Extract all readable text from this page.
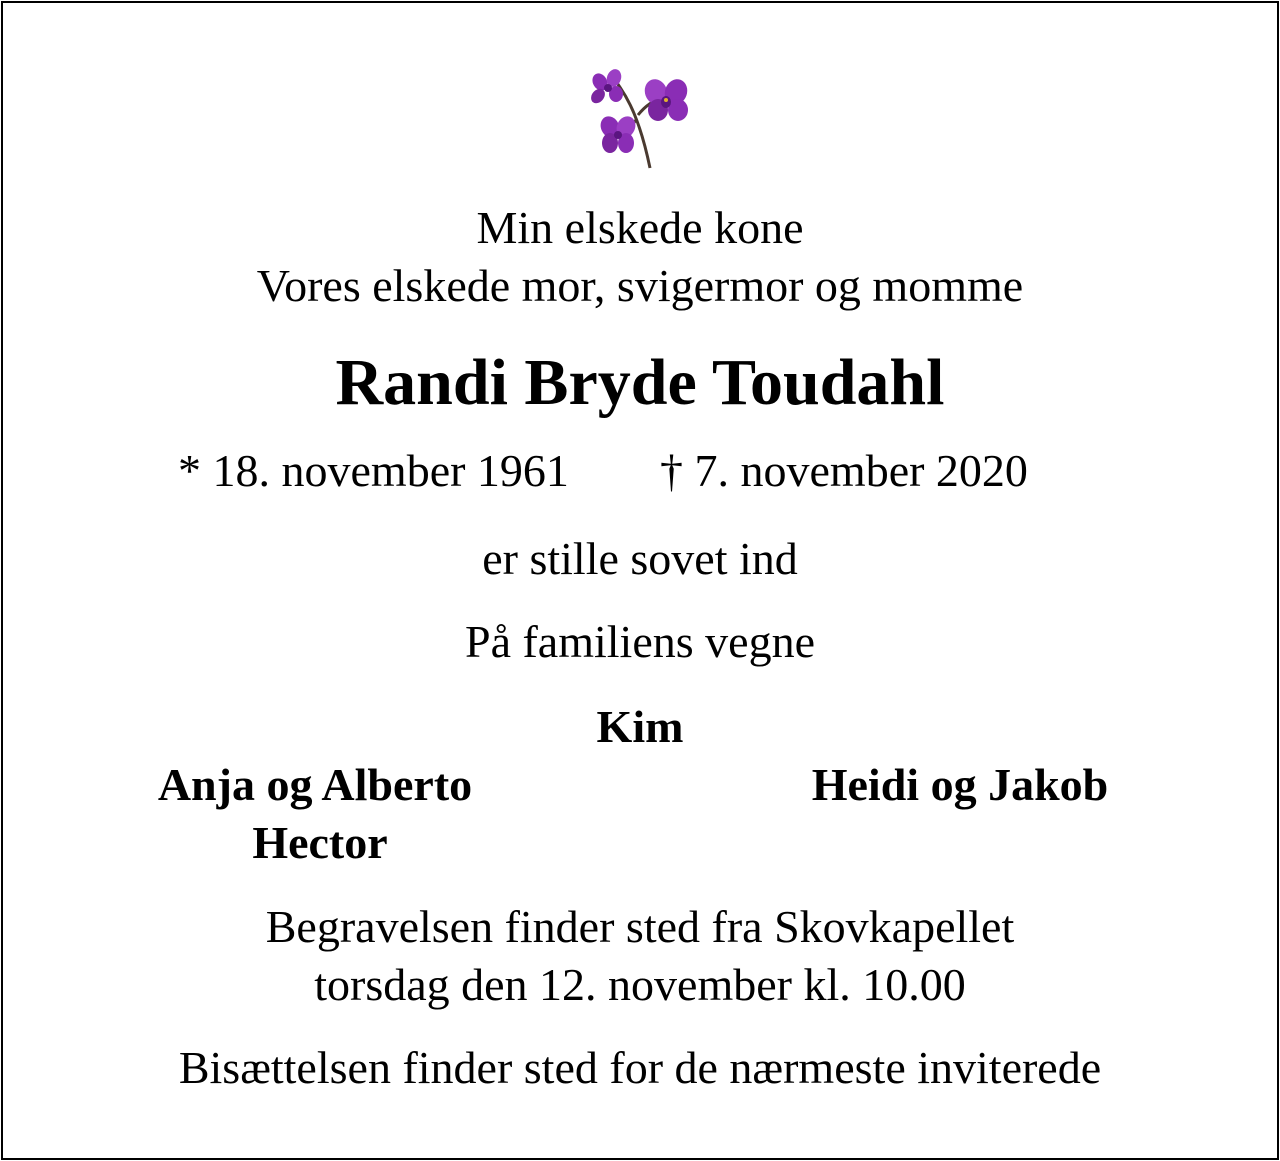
Min elskede kone
Vores elskede mor, svigermor og momme
Randi Bryde Toudahl
* 18. november 1961 † 7. november 2020
er stille sovet ind
På familiens vegne
Kim
Anja og Alberto
Hector
Heidi og Jakob
Begravelsen finder sted fra Skovkapellet
torsdag den 12. november kl. 10.00
Bisættelsen finder sted for de nærmeste inviterede
